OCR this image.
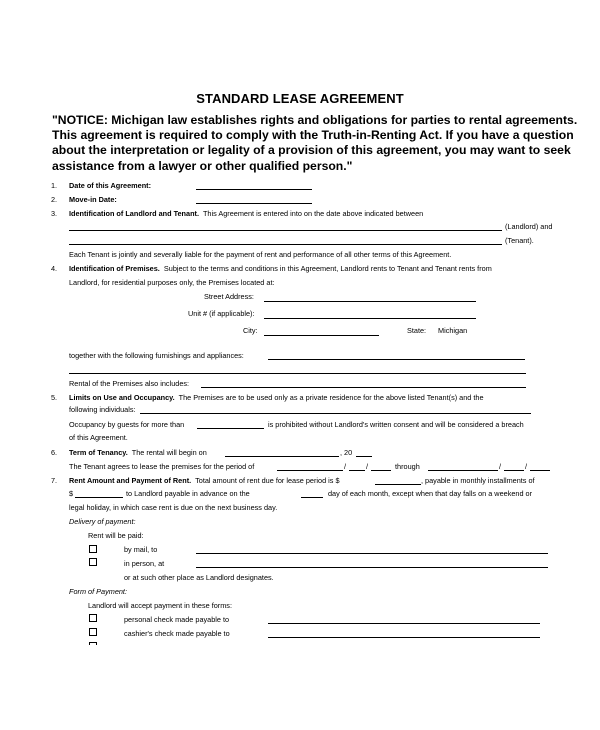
STANDARD LEASE AGREEMENT
"NOTICE: Michigan law establishes rights and obligations for parties to rental agreements. This agreement is required to comply with the Truth-in-Renting Act. If you have a question about the interpretation or legality of a provision of this agreement, you may want to seek assistance from a lawyer or other qualified person."
1. Date of this Agreement:
2. Move-in Date:
3. Identification of Landlord and Tenant. This Agreement is entered into on the date above indicated between
(Landlord) and
(Tenant).
Each Tenant is jointly and severally liable for the payment of rent and performance of all other terms of this Agreement.
4. Identification of Premises. Subject to the terms and conditions in this Agreement, Landlord rents to Tenant and Tenant rents from
Landlord, for residential purposes only, the Premises located at:
Street Address:
Unit # (if applicable):
City:	State: Michigan
together with the following furnishings and appliances:
Rental of the Premises also includes:
5. Limits on Use and Occupancy. The Premises are to be used only as a private residence for the above listed Tenant(s) and the
following individuals:
Occupancy by guests for more than	is prohibited without Landlord's written consent and will be considered a breach
of this Agreement.
6. Term of Tenancy. The rental will begin on	, 20
The Tenant agrees to lease the premises for the period of	/	/	through	/	/
7. Rent Amount and Payment of Rent. Total amount of rent due for lease period is $	, payable in monthly installments of
$	to Landlord payable in advance on the	day of each month, except when that day falls on a weekend or
legal holiday, in which case rent is due on the next business day.
Delivery of payment:
Rent will be paid:
by mail, to
in person, at
or at such other place as Landlord designates.
Form of Payment:
Landlord will accept payment in these forms:
personal check made payable to
cashier's check made payable to
